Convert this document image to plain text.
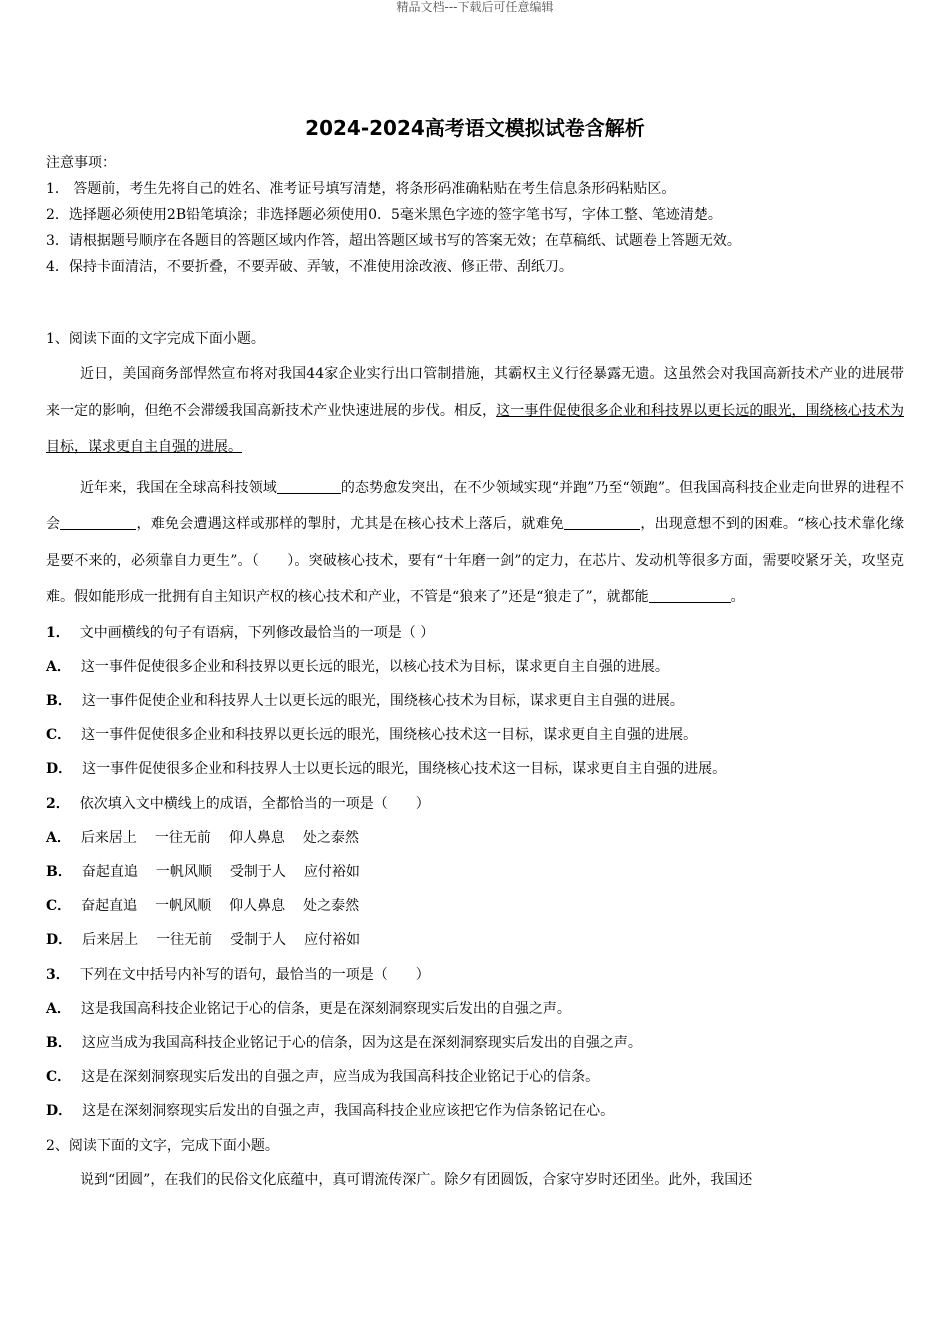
精品文档---下载后可任意编辑
2024-2024高考语文模拟试卷含解析
注意事项：
1． 答题前，考生先将自己的姓名、准考证号填写清楚，将条形码准确粘贴在考生信息条形码粘贴区。
2．选择题必须使用2B铅笔填涂；非选择题必须使用0．5毫米黑色字迹的签字笔书写，字体工整、笔迹清楚。
3．请根据题号顺序在各题目的答题区域内作答，超出答题区域书写的答案无效；在草稿纸、试题卷上答题无效。
4．保持卡面清洁，不要折叠，不要弄破、弄皱，不准使用涂改液、修正带、刮纸刀。

1、阅读下面的文字完成下面小题。

近日，美国商务部悍然宣布将对我国44家企业实行出口管制措施，其霸权主义行径暴露无遗。这虽然会对我国高新技术产业的进展带来一定的影响，但绝不会滞缓我国高新技术产业快速进展的步伐。相反，这一事件促使很多企业和科技界以更长远的眼光，围绕核心技术为目标，谋求更自主自强的进展。

近年来，我国在全球高科技领域	的态势愈发突出，在不少领域实现“并跑”乃至“领跑”。但我国高科技企业走向世界的进程不会	，难免会遭遇这样或那样的掣肘，尤其是在核心技术上落后，就难免	，出现意想不到的困难。“核心技术靠化缘是要不来的，必须靠自力更生”。（　　）。突破核心技术，要有“十年磨一剑”的定力，在芯片、发动机等很多方面，需要咬紧牙关，攻坚克难。假如能形成一批拥有自主知识产权的核心技术和产业，不管是“狼来了”还是“狼走了”，就都能	。

1． 文中画横线的句子有语病，下列修改最恰当的一项是（ ）

A． 这一事件促使很多企业和科技界以更长远的眼光，以核心技术为目标，谋求更自主自强的进展。

B． 这一事件促使企业和科技界人士以更长远的眼光，围绕核心技术为目标，谋求更自主自强的进展。

C． 这一事件促使很多企业和科技界以更长远的眼光，围绕核心技术这一目标，谋求更自主自强的进展。

D． 这一事件促使很多企业和科技界人士以更长远的眼光，围绕核心技术这一目标，谋求更自主自强的进展。

2． 依次填入文中横线上的成语，全都恰当的一项是（　　）

A． 后来居上 一往无前 仰人鼻息 处之泰然

B． 奋起直追 一帆风顺 受制于人 应付裕如

C． 奋起直追 一帆风顺 仰人鼻息 处之泰然

D． 后来居上 一往无前 受制于人 应付裕如

3． 下列在文中括号内补写的语句，最恰当的一项是（　　）

A． 这是我国高科技企业铭记于心的信条，更是在深刻洞察现实后发出的自强之声。

B． 这应当成为我国高科技企业铭记于心的信条，因为这是在深刻洞察现实后发出的自强之声。

C． 这是在深刻洞察现实后发出的自强之声，应当成为我国高科技企业铭记于心的信条。

D． 这是在深刻洞察现实后发出的自强之声，我国高科技企业应该把它作为信条铭记在心。

2、阅读下面的文字，完成下面小题。

说到“团圆”，在我们的民俗文化底蕴中，真可谓流传深广。除夕有团圆饭，合家守岁时还团坐。此外，我国还
